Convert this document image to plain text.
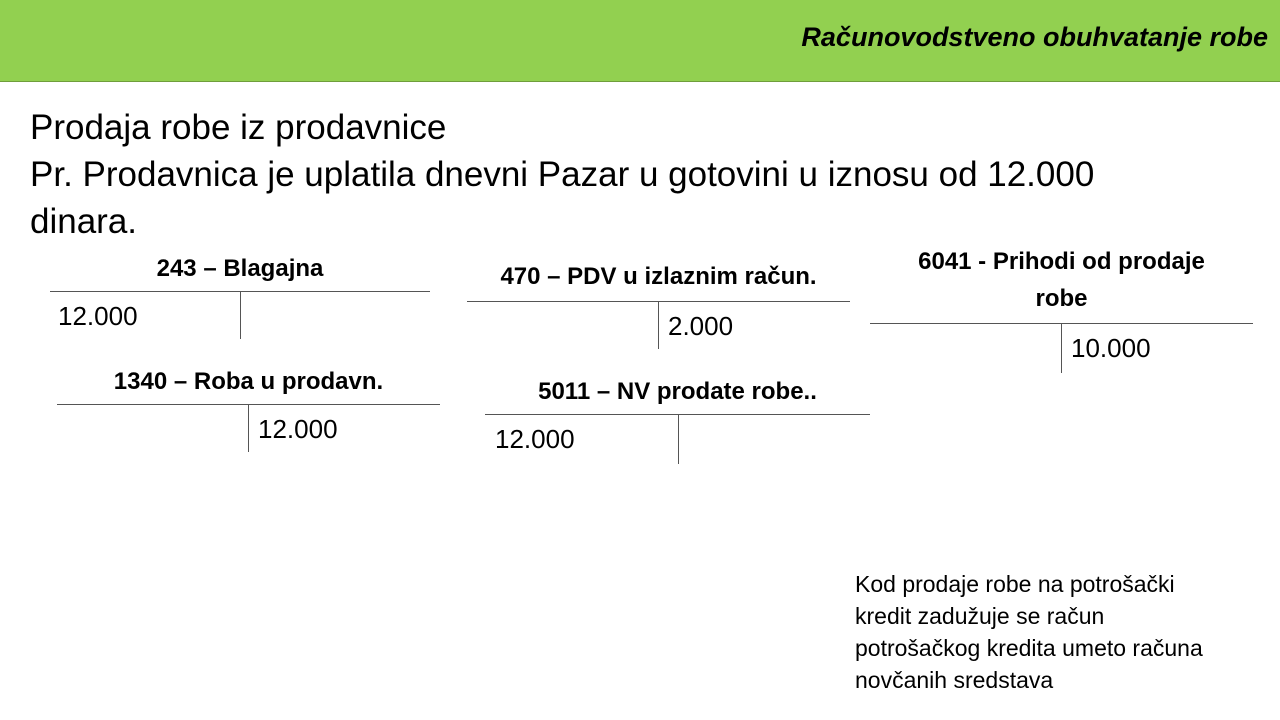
Računovodstveno obuhvatanje robe
Prodaja robe iz prodavnice
Pr. Prodavnica je uplatila dnevni Pazar u gotovini u iznosu od 12.000
dinara.
243 – Blagajna
12.000
1340 – Roba u prodavn.
12.000
470 – PDV u izlaznim račun.
2.000
5011 – NV prodate robe..
12.000
6041 - Prihodi od prodaje
robe
10.000
Kod prodaje robe na potrošački
kredit zadužuje se račun
potrošačkog kredita umeto računa
novčanih sredstava
